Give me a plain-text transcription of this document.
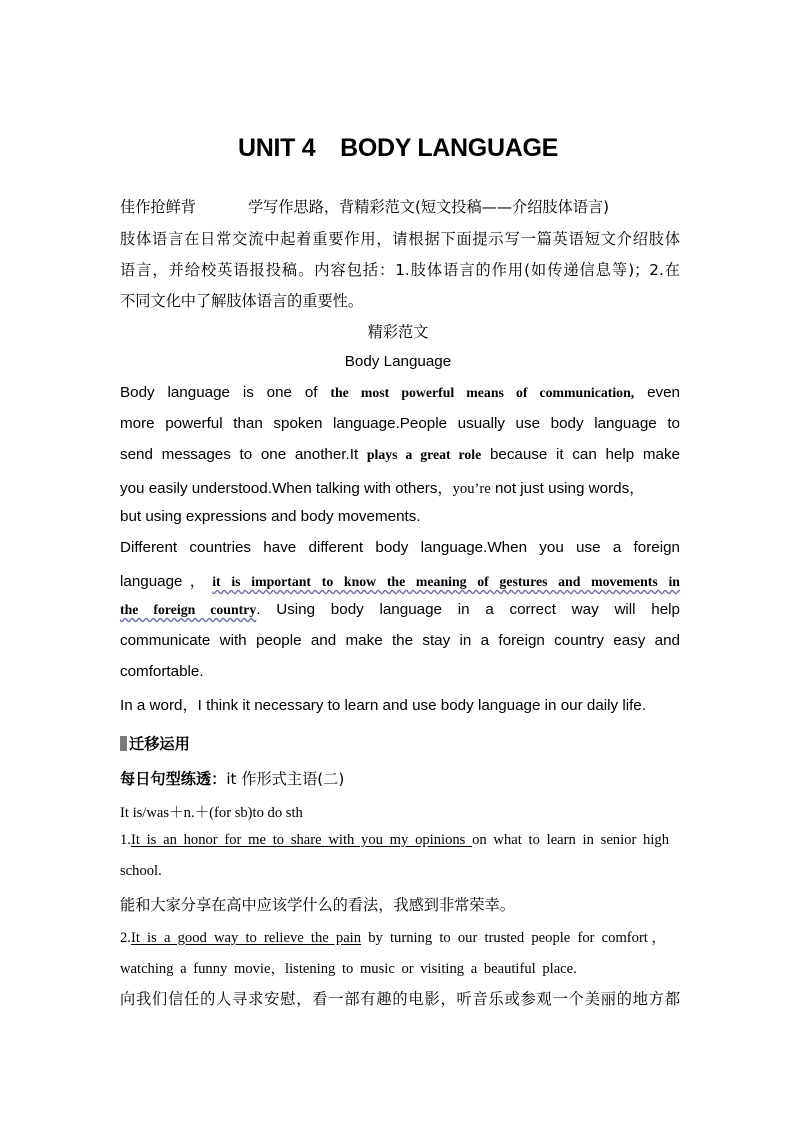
UNIT 4　BODY LANGUAGE
佳作抢鲜背	学写作思路，背精彩范文(短文投稿——介绍肢体语言)
肢体语言在日常交流中起着重要作用，请根据下面提示写一篇英语短文介绍肢体
语言，并给校英语报投稿。内容包括：1.肢体语言的作用(如传递信息等)；2.在
不同文化中了解肢体语言的重要性。
精彩范文
Body Language
Body language is one of the most powerful means of communication, even
more powerful than spoken language.People usually use body language to
send messages to one another.It plays a great role because it can help make
you easily understood.When talking with others，you’re not just using words，
but using expressions and body movements.
Different countries have different body language.When you use a foreign
language，it is important to know the meaning of gestures and movements in
the foreign country. Using body language in a correct way will help
communicate with people and make the stay in a foreign country easy and
comfortable.
In a word，I think it necessary to learn and use body language in our daily life.
迁移运用
每日句型练透：it 作形式主语(二)
It is/was＋n.＋(for sb)to do sth
1.It is an honor for me to share with you my opinions on what to learn in senior high
school.
能和大家分享在高中应该学什么的看法，我感到非常荣幸。
2.It is a good way to relieve the pain by turning to our trusted people for comfort，
watching a funny movie，listening to music or visiting a beautiful place.
向我们信任的人寻求安慰，看一部有趣的电影，听音乐或参观一个美丽的地方都
